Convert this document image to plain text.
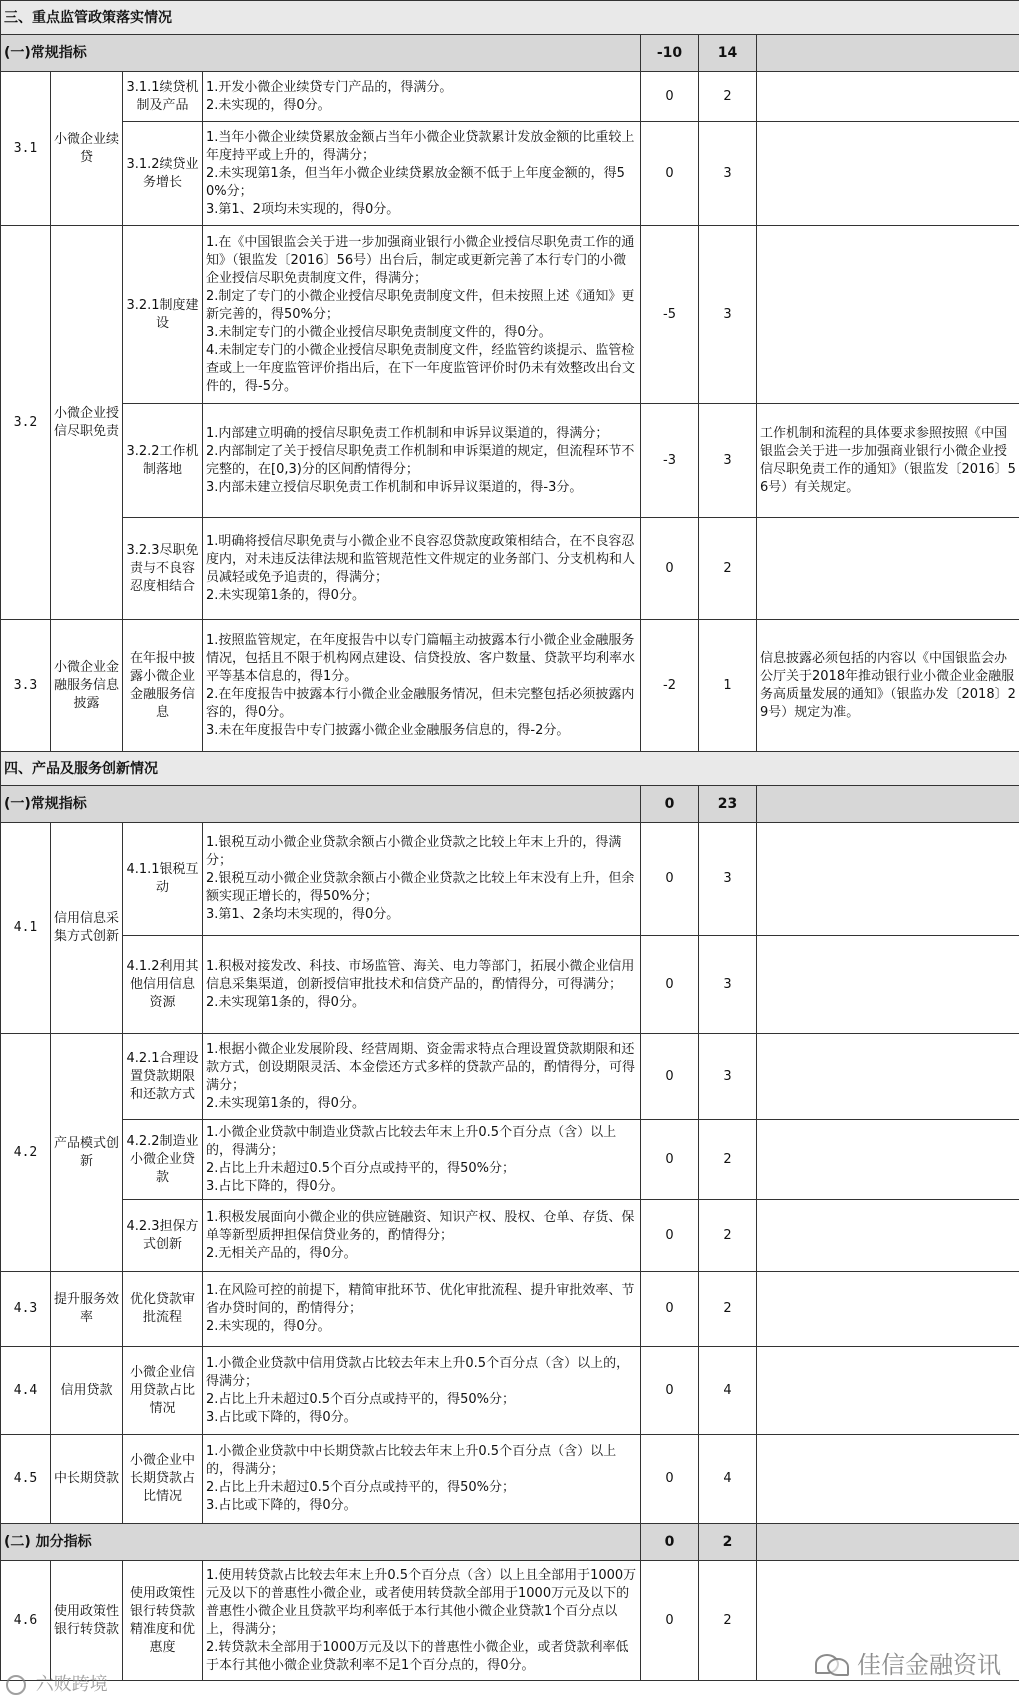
三、重点监管政策落实情况						
(一)常规指标				-10	14	
3.1	小微企业续贷	3.1.1续贷机制及产品	1.开发小微企业续贷专门产品的，得满分。
2.未实现的，得0分。	0	2	
		3.1.2续贷业务增长	1.当年小微企业续贷累放金额占当年小微企业贷款累计发放金额的比重较上年度持平或上升的，得满分；
2.未实现第1条，但当年小微企业续贷累放金额不低于上年度金额的，得50%分；
3.第1、2项均未实现的，得0分。	0	3	
3.2	小微企业授信尽职免责	3.2.1制度建设	1.在《中国银监会关于进一步加强商业银行小微企业授信尽职免责工作的通知》（银监发〔2016〕56号）出台后，制定或更新完善了本行专门的小微企业授信尽职免责制度文件，得满分；
2.制定了专门的小微企业授信尽职免责制度文件，但未按照上述《通知》更新完善的，得50%分；
3.未制定专门的小微企业授信尽职免责制度文件的，得0分。
4.未制定专门的小微企业授信尽职免责制度文件，经监管约谈提示、监管检查或上一年度监管评价指出后，在下一年度监管评价时仍未有效整改出台文件的，得-5分。	-5	3	
		3.2.2工作机制落地	1.内部建立明确的授信尽职免责工作机制和申诉异议渠道的，得满分；
2.内部制定了关于授信尽职免责工作机制和申诉渠道的规定，但流程环节不完整的，在[0,3)分的区间酌情得分；
3.内部未建立授信尽职免责工作机制和申诉异议渠道的，得-3分。	-3	3	工作机制和流程的具体要求参照按照《中国银监会关于进一步加强商业银行小微企业授信尽职免责工作的通知》（银监发〔2016〕56号）有关规定。
		3.2.3尽职免责与不良容忍度相结合	1.明确将授信尽职免责与小微企业不良容忍贷款度政策相结合，在不良容忍度内，对未违反法律法规和监管规范性文件规定的业务部门、分支机构和人员减轻或免予追责的，得满分；
2.未实现第1条的，得0分。	0	2	
3.3	小微企业金融服务信息披露	在年报中披露小微企业金融服务信息	1.按照监管规定，在年度报告中以专门篇幅主动披露本行小微企业金融服务情况，包括且不限于机构网点建设、信贷投放、客户数量、贷款平均利率水平等基本信息的，得1分。
2.在年度报告中披露本行小微企业金融服务情况，但未完整包括必须披露内容的，得0分。
3.未在年度报告中专门披露小微企业金融服务信息的，得-2分。	-2	1	信息披露必须包括的内容以《中国银监会办公厅关于2018年推动银行业小微企业金融服务高质量发展的通知》（银监办发〔2018〕29号）规定为准。
四、产品及服务创新情况						
(一)常规指标				0	23	
4.1	信用信息采集方式创新	4.1.1银税互动	1.银税互动小微企业贷款余额占小微企业贷款之比较上年末上升的，得满分；
2.银税互动小微企业贷款余额占小微企业贷款之比较上年末没有上升，但余额实现正增长的，得50%分；
3.第1、2条均未实现的，得0分。	0	3	
		4.1.2利用其他信用信息资源	1.积极对接发改、科技、市场监管、海关、电力等部门，拓展小微企业信用信息采集渠道，创新授信审批技术和信贷产品的，酌情得分，可得满分；
2.未实现第1条的，得0分。	0	3	
4.2	产品模式创新	4.2.1合理设置贷款期限和还款方式	1.根据小微企业发展阶段、经营周期、资金需求特点合理设置贷款期限和还款方式，创设期限灵活、本金偿还方式多样的贷款产品的，酌情得分，可得满分；
2.未实现第1条的，得0分。	0	3	
		4.2.2制造业小微企业贷款	1.小微企业贷款中制造业贷款占比较去年末上升0.5个百分点（含）以上的，得满分；
2.占比上升未超过0.5个百分点或持平的，得50%分；
3.占比下降的，得0分。	0	2	
		4.2.3担保方式创新	1.积极发展面向小微企业的供应链融资、知识产权、股权、仓单、存货、保单等新型质押担保信贷业务的，酌情得分；
2.无相关产品的，得0分。	0	2	
4.3	提升服务效率	优化贷款审批流程	1.在风险可控的前提下，精简审批环节、优化审批流程、提升审批效率、节省办贷时间的，酌情得分；
2.未实现的，得0分。	0	2	
4.4	信用贷款	小微企业信用贷款占比情况	1.小微企业贷款中信用贷款占比较去年末上升0.5个百分点（含）以上的，得满分；
2.占比上升未超过0.5个百分点或持平的，得50%分；
3.占比或下降的，得0分。	0	4	
4.5	中长期贷款	小微企业中长期贷款占比情况	1.小微企业贷款中中长期贷款占比较去年末上升0.5个百分点（含）以上的，得满分；
2.占比上升未超过0.5个百分点或持平的，得50%分；
3.占比或下降的，得0分。	0	4	
(二) 加分指标				0	2	
4.6	使用政策性银行转贷款	使用政策性银行转贷款精准度和优惠度	1.使用转贷款占比较去年末上升0.5个百分点（含）以上且全部用于1000万元及以下的普惠性小微企业，或者使用转贷款全部用于1000万元及以下的普惠性小微企业且贷款平均利率低于本行其他小微企业贷款1个百分点以上，得满分；
2.转贷款未全部用于1000万元及以下的普惠性小微企业，或者贷款利率低于本行其他小微企业贷款利率不足1个百分点的，得0分。	0	2	
六败跨境
佳信金融资讯
